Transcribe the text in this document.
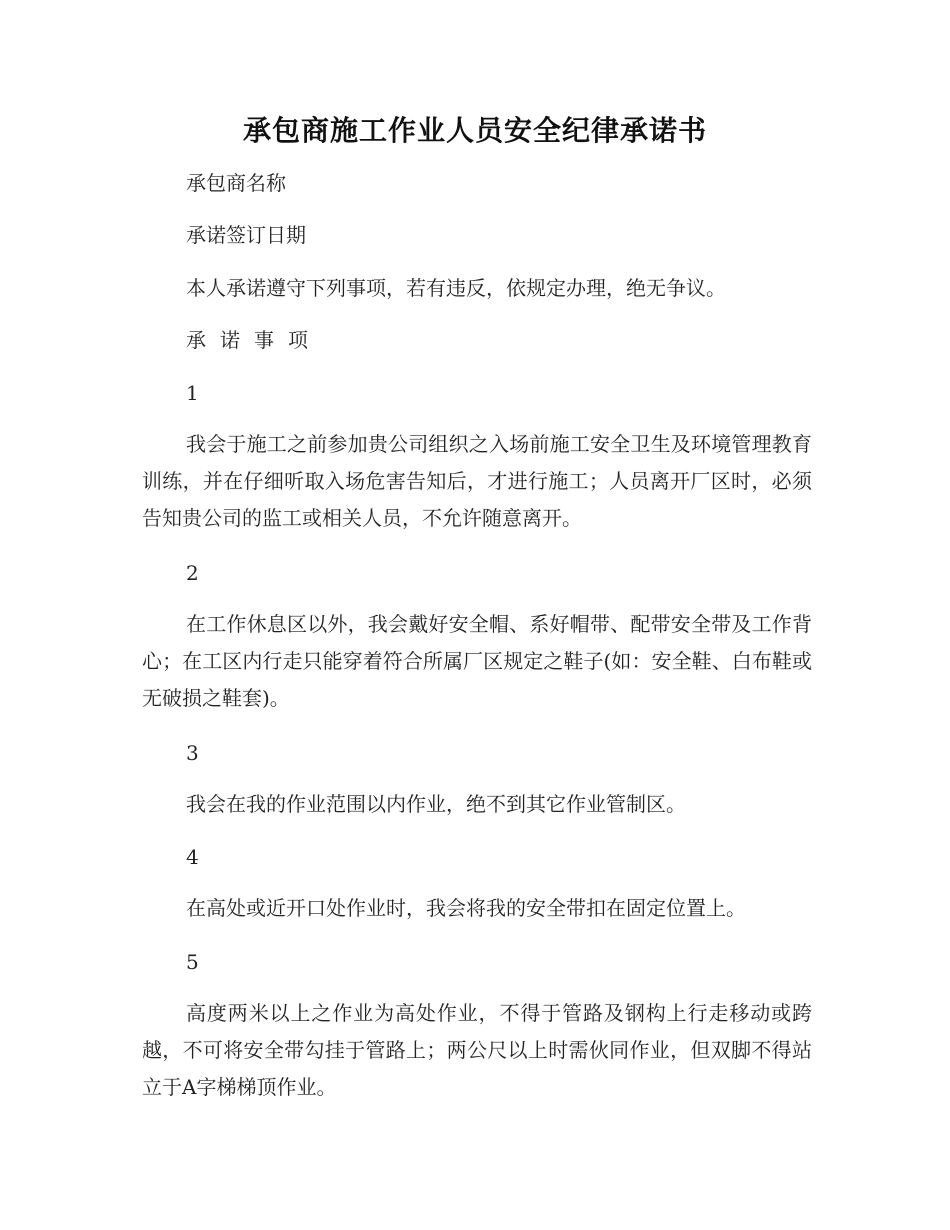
承包商施工作业人员安全纪律承诺书

承包商名称

承诺签订日期

本人承诺遵守下列事项，若有违反，依规定办理，绝无争议。

承诺事项

1

我会于施工之前参加贵公司组织之入场前施工安全卫生及环境管理教育训练，并在仔细听取入场危害告知后，才进行施工；人员离开厂区时，必须告知贵公司的监工或相关人员，不允许随意离开。

2

在工作休息区以外，我会戴好安全帽、系好帽带、配带安全带及工作背心；在工区内行走只能穿着符合所属厂区规定之鞋子(如：安全鞋、白布鞋或无破损之鞋套)。

3

我会在我的作业范围以内作业，绝不到其它作业管制区。

4

在高处或近开口处作业时，我会将我的安全带扣在固定位置上。

5

高度两米以上之作业为高处作业，不得于管路及钢构上行走移动或跨越，不可将安全带勾挂于管路上；两公尺以上时需伙同作业，但双脚不得站立于A字梯梯顶作业。
